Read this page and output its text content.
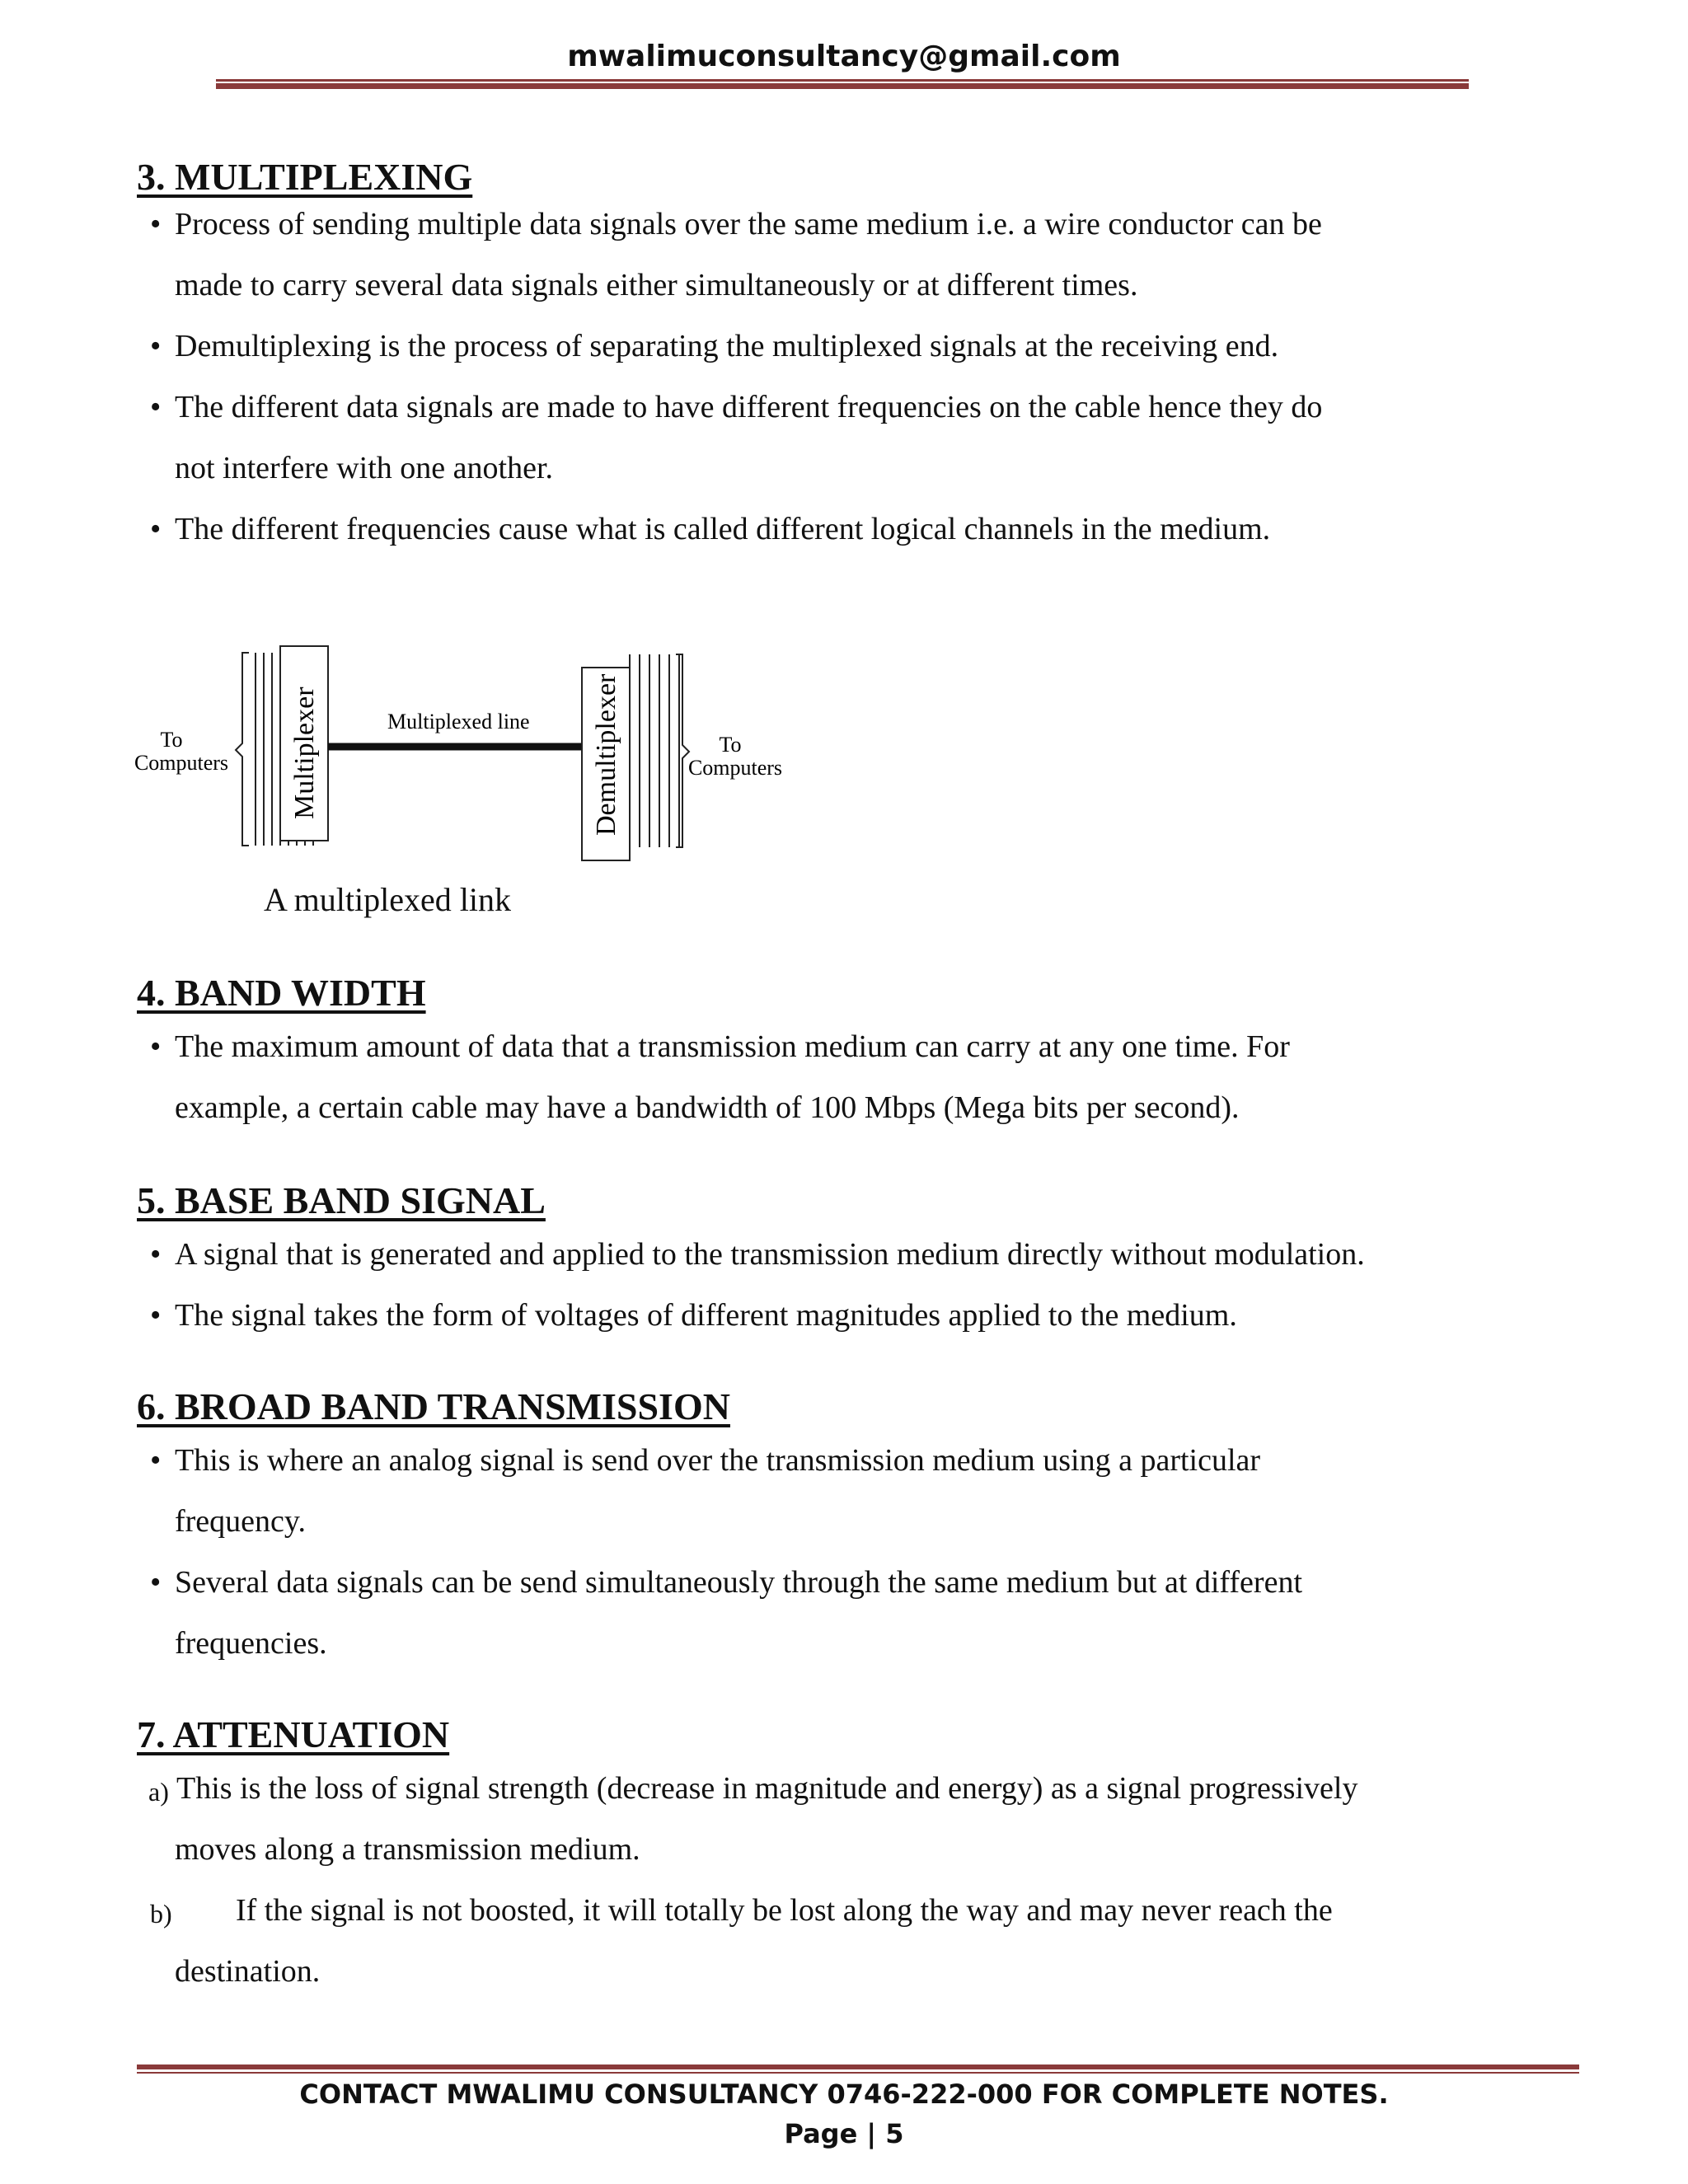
mwalimuconsultancy@gmail.com
3. MULTIPLEXING
• Process of sending multiple data signals over the same medium i.e. a wire conductor can be
made to carry several data signals either simultaneously or at different times.
• Demultiplexing is the process of separating the multiplexed signals at the receiving end.
• The different data signals are made to have different frequencies on the cable hence they do
not interfere with one another.
• The different frequencies cause what is called different logical channels in the medium.
Multiplexer	Multiplexed line Demultiplexer
To
Computers
To
Computers
A multiplexed link
4. BAND WIDTH
• The maximum amount of data that a transmission medium can carry at any one time. For
example, a certain cable may have a bandwidth of 100 Mbps (Mega bits per second).
5. BASE BAND SIGNAL
• A signal that is generated and applied to the transmission medium directly without modulation.
• The signal takes the form of voltages of different magnitudes applied to the medium.
6. BROAD BAND TRANSMISSION
• This is where an analog signal is send over the transmission medium using a particular
frequency.
• Several data signals can be send simultaneously through the same medium but at different
frequencies.
7. ATTENUATION
a) This is the loss of signal strength (decrease in magnitude and energy) as a signal progressively
moves along a transmission medium.
b) If the signal is not boosted, it will totally be lost along the way and may never reach the
destination.
CONTACT MWALIMU CONSULTANCY 0746-222-000 FOR COMPLETE NOTES.
Page | 5
